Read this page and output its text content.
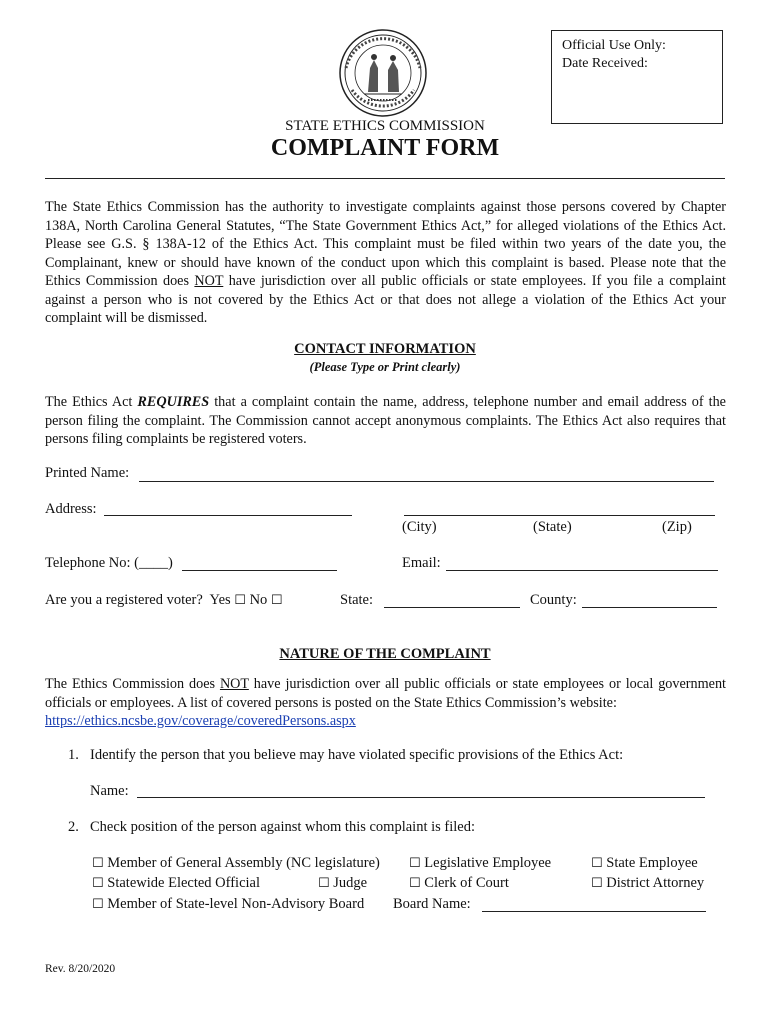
Official Use Only:
Date Received:
STATE ETHICS COMMISSION
COMPLAINT FORM
The State Ethics Commission has the authority to investigate complaints against those persons covered by Chapter 138A, North Carolina General Statutes, “The State Government Ethics Act,” for alleged violations of the Ethics Act. Please see G.S. § 138A-12 of the Ethics Act. This complaint must be filed within two years of the date you, the Complainant, knew or should have known of the conduct upon which this complaint is based. Please note that the Ethics Commission does NOT have jurisdiction over all public officials or state employees. If you file a complaint against a person who is not covered by the Ethics Act or that does not allege a violation of the Ethics Act your complaint will be dismissed.
CONTACT INFORMATION
(Please Type or Print clearly)
The Ethics Act REQUIRES that a complaint contain the name, address, telephone number and email address of the person filing the complaint. The Commission cannot accept anonymous complaints. The Ethics Act also requires that persons filing complaints be registered voters.
Printed Name:
Address:
(City)	(State)	(Zip)
Telephone No: (____)	Email:
Are you a registered voter? Yes ☐ No ☐	State:	County:
NATURE OF THE COMPLAINT
The Ethics Commission does NOT have jurisdiction over all public officials or state employees or local government officials or employees. A list of covered persons is posted on the State Ethics Commission’s website:
https://ethics.ncsbe.gov/coverage/coveredPersons.aspx
1. Identify the person that you believe may have violated specific provisions of the Ethics Act:
Name:
2. Check position of the person against whom this complaint is filed:
☐ Member of General Assembly (NC legislature) ☐ Legislative Employee	☐ State Employee
☐ Statewide Elected Official	☐ Judge	☐ Clerk of Court	☐ District Attorney
☐ Member of State-level Non-Advisory Board Board Name:
Rev. 8/20/2020
